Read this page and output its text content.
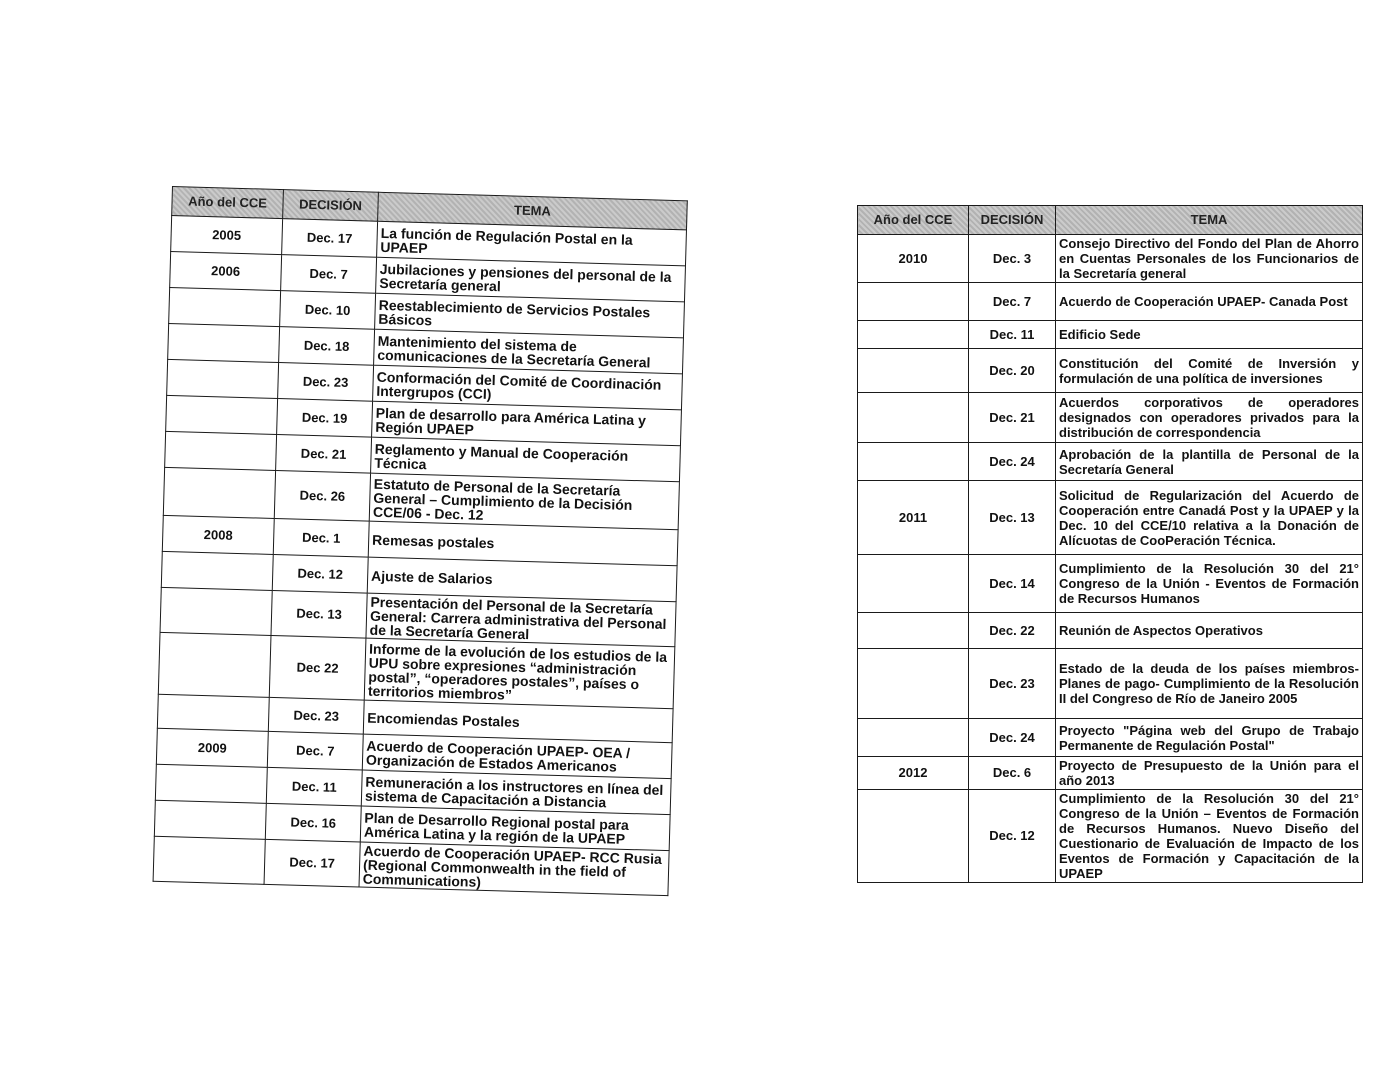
Año del CCE	DECISIÓN	TEMA
2005	Dec. 17	La función de Regulación Postal en la UPAEP
2006	Dec. 7	Jubilaciones y pensiones del personal de la Secretaría general
	Dec. 10	Reestablecimiento de Servicios Postales Básicos
	Dec. 18	Mantenimiento del sistema de comunicaciones de la Secretaría General
	Dec. 23	Conformación del Comité de Coordinación Intergrupos (CCI)
	Dec. 19	Plan de desarrollo para América Latina y Región UPAEP
	Dec. 21	Reglamento y Manual de Cooperación Técnica
	Dec. 26	Estatuto de Personal de la Secretaría General – Cumplimiento de la Decisión CCE/06 - Dec. 12
2008	Dec. 1	Remesas postales
	Dec. 12	Ajuste de Salarios
	Dec. 13	Presentación del Personal de la Secretaría General: Carrera administrativa del Personal de la Secretaría General
	Dec 22	Informe de la evolución de los estudios de la UPU sobre expresiones “administración postal”, “operadores postales”, países o territorios miembros”
	Dec. 23	Encomiendas Postales
2009	Dec. 7	Acuerdo de Cooperación UPAEP- OEA / Organización de Estados Americanos
	Dec. 11	Remuneración a los instructores en línea del sistema de Capacitación a Distancia
	Dec. 16	Plan de Desarrollo Regional postal para América Latina y la región de la UPAEP
	Dec. 17	Acuerdo de Cooperación UPAEP- RCC Rusia (Regional Commonwealth in the field of Communications)
Año del CCE	DECISIÓN	TEMA
2010	Dec. 3	Consejo Directivo del Fondo del Plan de Ahorro en Cuentas Personales de los Funcionarios de la Secretaría general
	Dec. 7	Acuerdo de Cooperación UPAEP- Canada Post
	Dec. 11	Edificio Sede
	Dec. 20	Constitución del Comité de Inversión y formulación de una política de inversiones
	Dec. 21	Acuerdos corporativos de operadores designados con operadores privados para la distribución de correspondencia
	Dec. 24	Aprobación de la plantilla de Personal de la Secretaría General
2011	Dec. 13	Solicitud de Regularización del Acuerdo de Cooperación entre Canadá Post y la UPAEP y la Dec. 10 del CCE/10 relativa a la Donación de Alícuotas de CooPeración Técnica.
	Dec. 14	Cumplimiento de la Resolución 30 del 21° Congreso de la Unión - Eventos de Formación de Recursos Humanos
	Dec. 22	Reunión de Aspectos Operativos
	Dec. 23	Estado de la deuda de los países miembros- Planes de pago- Cumplimiento de la Resolución II del Congreso de Río de Janeiro 2005
	Dec. 24	Proyecto "Página web del Grupo de Trabajo Permanente de Regulación Postal"
2012	Dec. 6	Proyecto de Presupuesto de la Unión para el año 2013
	Dec. 12	Cumplimiento de la Resolución 30 del 21° Congreso de la Unión – Eventos de Formación de Recursos Humanos. Nuevo Diseño del Cuestionario de Evaluación de Impacto de los Eventos de Formación y Capacitación de la UPAEP
